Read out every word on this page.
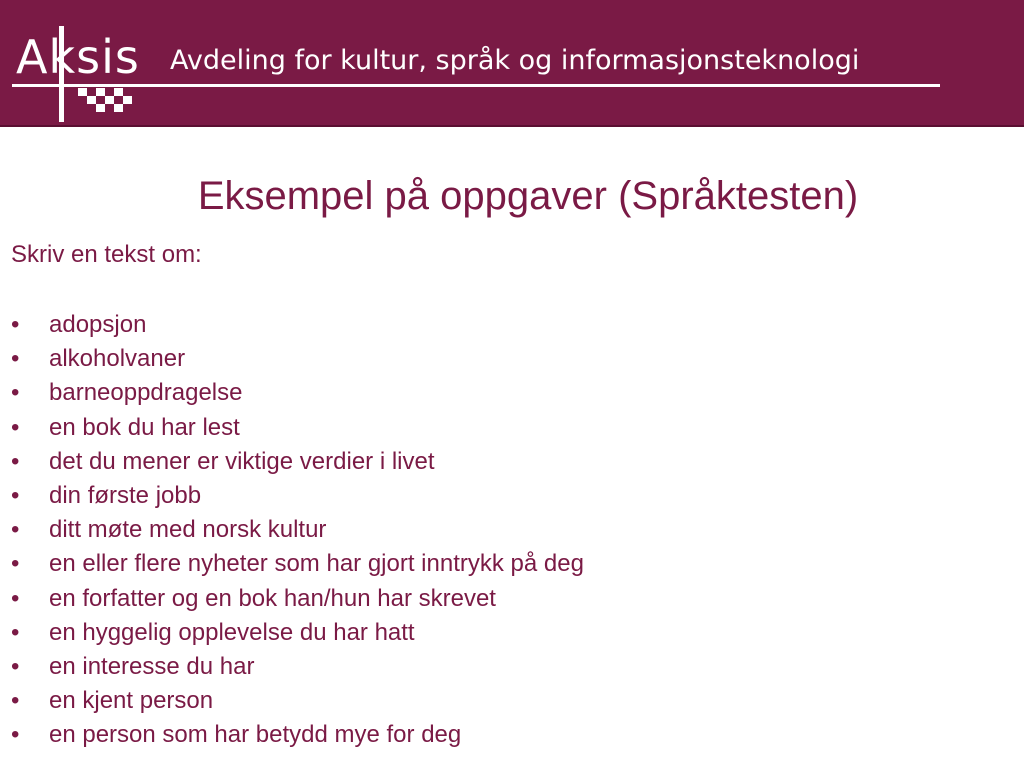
Aksis Avdeling for kultur, språk og informasjonsteknologi

Eksempel på oppgaver (Språktesten)

Skriv en tekst om:

• adopsjon
• alkoholvaner
• barneoppdragelse
• en bok du har lest
• det du mener er viktige verdier i livet
• din første jobb
• ditt møte med norsk kultur
• en eller flere nyheter som har gjort inntrykk på deg
• en forfatter og en bok han/hun har skrevet
• en hyggelig opplevelse du har hatt
• en interesse du har
• en kjent person
• en person som har betydd mye for deg
